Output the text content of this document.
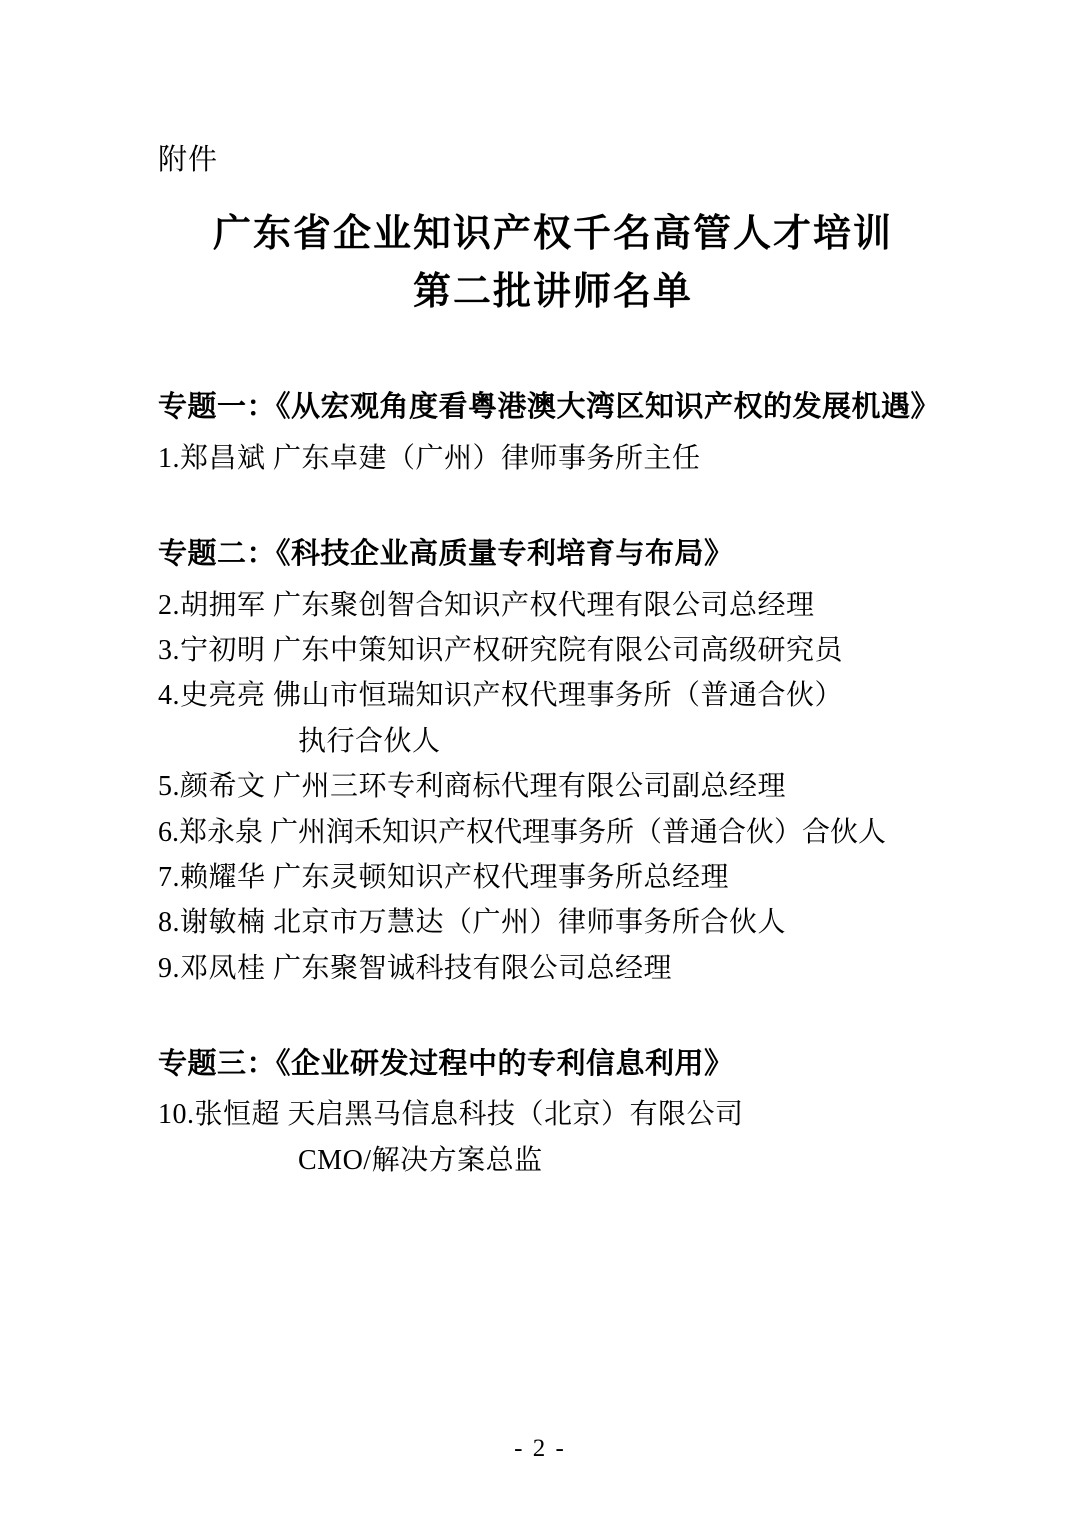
附件
广东省企业知识产权千名高管人才培训
第二批讲师名单
专题一：《从宏观角度看粤港澳大湾区知识产权的发展机遇》
1.郑昌斌 广东卓建（广州）律师事务所主任
专题二：《科技企业高质量专利培育与布局》
2.胡拥军 广东聚创智合知识产权代理有限公司总经理
3.宁初明 广东中策知识产权研究院有限公司高级研究员
4.史亮亮 佛山市恒瑞知识产权代理事务所（普通合伙）
执行合伙人
5.颜希文 广州三环专利商标代理有限公司副总经理
6.郑永泉 广州润禾知识产权代理事务所（普通合伙）合伙人
7.赖耀华 广东灵顿知识产权代理事务所总经理
8.谢敏楠 北京市万慧达（广州）律师事务所合伙人
9.邓凤桂 广东聚智诚科技有限公司总经理
专题三：《企业研发过程中的专利信息利用》
10.张恒超 天启黑马信息科技（北京）有限公司
CMO/解决方案总监
- 2 -
